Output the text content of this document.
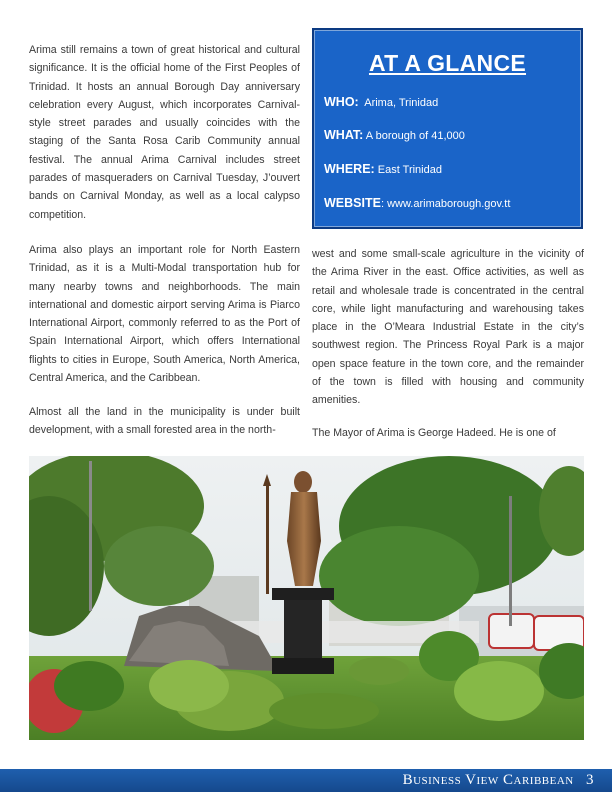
Arima still remains a town of great historical and cultural significance. It is the official home of the First Peoples of Trinidad. It hosts an annual Borough Day anniversary celebration every August, which incorporates Carnival-style street parades and usually coincides with the staging of the Santa Rosa Carib Community annual festival. The annual Arima Carnival includes street parades of masqueraders on Carnival Tuesday, J’ouvert bands on Carnival Monday, as well as a local calypso competition.

Arima also plays an important role for North Eastern Trinidad, as it is a Multi-Modal transportation hub for many nearby towns and neighborhoods. The main international and domestic airport serving Arima is Piarco International Airport, commonly referred to as the Port of Spain International Airport, which offers International flights to cities in Europe, South America, North America, Central America, and the Caribbean.

Almost all the land in the municipality is under built development, with a small forested area in the north-

west and some small-scale agriculture in the vicinity of the Arima River in the east. Office activities, as well as retail and wholesale trade is concentrated in the central core, while light manufacturing and warehousing takes place in the O’Meara Industrial Estate in the city’s southwest region. The Princess Royal Park is a major open space feature in the town core, and the remainder of the town is filled with housing and community amenities.

The Mayor of Arima is George Hadeed. He is one of

AT A GLANCE
WHO: Arima, Trinidad
WHAT: A borough of 41,000
WHERE: East Trinidad
WEBSITE: www.arimaborough.gov.tt
Business View Caribbean 3
